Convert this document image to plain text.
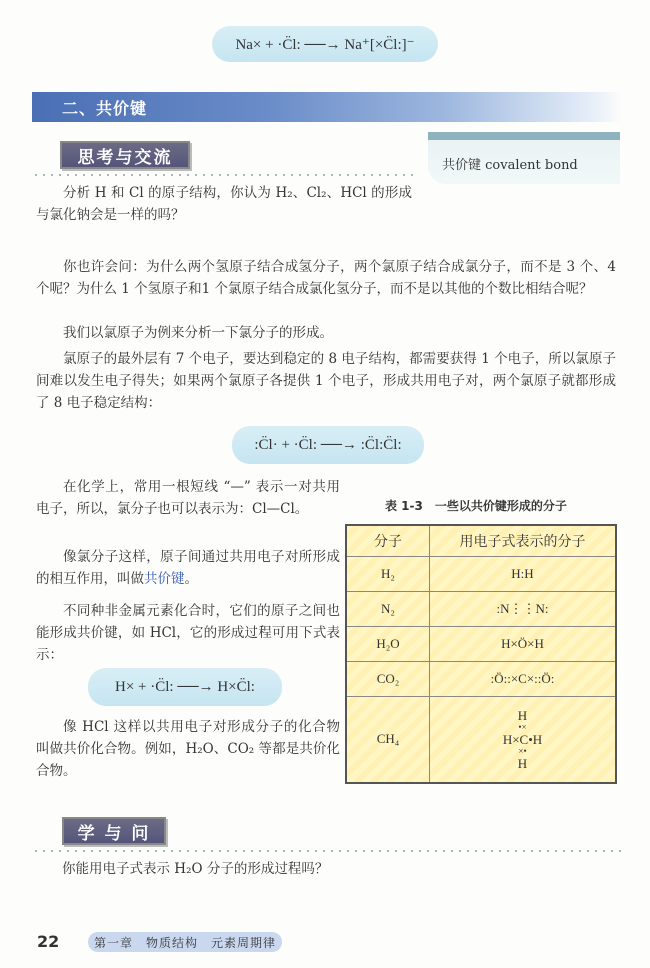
Na× + ·C̈l: ──→ Na⁺[×C̈l:]⁻
二、共价键
思考与交流
分析 H 和 Cl 的原子结构，你认为 H₂、Cl₂、HCl 的形成与氯化钠会是一样的吗？
共价键 covalent bond
你也许会问：为什么两个氢原子结合成氢分子，两个氯原子结合成氯分子，而不是 3 个、4 个呢？为什么 1 个氢原子和1 个氯原子结合成氯化氢分子，而不是以其他的个数比相结合呢？
我们以氯原子为例来分析一下氯分子的形成。
氯原子的最外层有 7 个电子，要达到稳定的 8 电子结构，都需要获得 1 个电子，所以氯原子间难以发生电子得失；如果两个氯原子各提供 1 个电子，形成共用电子对，两个氯原子就都形成了 8 电子稳定结构：
:C̈l· + ·C̈l: ──→ :C̈l:C̈l:
在化学上，常用一根短线 “—” 表示一对共用电子，所以，氯分子也可以表示为：Cl—Cl。
像氯分子这样，原子间通过共用电子对所形成的相互作用，叫做共价键。
不同种非金属元素化合时，它们的原子之间也能形成共价键，如 HCl，它的形成过程可用下式表示：
H× + ·C̈l: ──→ H×C̈l:
像 HCl 这样以共用电子对形成分子的化合物叫做共价化合物。例如，H₂O、CO₂ 等都是共价化合物。
表 1-3　一些以共价键形成的分子
分子	用电子式表示的分子
H₂	H:H
N₂	:N⋮⋮N:
H₂O	H×Ö×H
CO₂	:Ö::×C×::Ö:
CH₄	H
•×
H×C•H
×•
H
学 与 问
你能用电子式表示 H₂O 分子的形成过程吗？
22	第一章　物质结构　元素周期律
